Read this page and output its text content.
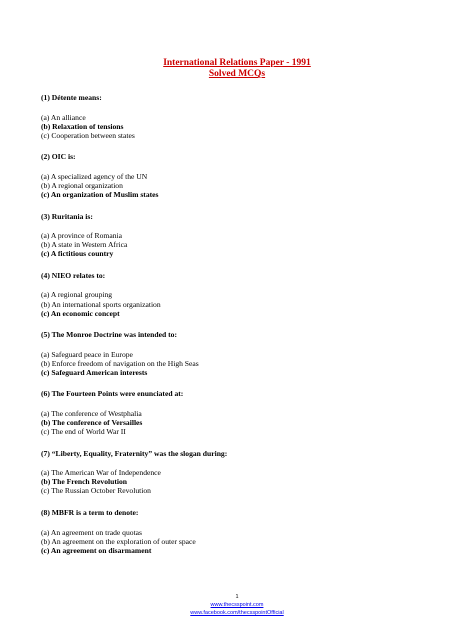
International Relations Paper - 1991
Solved MCQs
(1) Détente means:
(a) An alliance
(b) Relaxation of tensions
(c) Cooperation between states
(2) OIC is:
(a) A specialized agency of the UN
(b) A regional organization
(c) An organization of Muslim states
(3) Ruritania is:
(a) A province of Romania
(b) A state in Western Africa
(c) A fictitious country
(4) NIEO relates to:
(a) A regional grouping
(b) An international sports organization
(c) An economic concept
(5) The Monroe Doctrine was intended to:
(a) Safeguard peace in Europe
(b) Enforce freedom of navigation on the High Seas
(c) Safeguard American interests
(6) The Fourteen Points were enunciated at:
(a) The conference of Westphalia
(b) The conference of Versailles
(c) The end of World War II
(7) “Liberty, Equality, Fraternity” was the slogan during:
(a) The American War of Independence
(b) The French Revolution
(c) The Russian October Revolution
(8) MBFR is a term to denote:
(a) An agreement on trade quotas
(b) An agreement on the exploration of outer space
(c) An agreement on disarmament
1
www.thecsspoint.com
www.facebook.com/thecsspointOfficial
